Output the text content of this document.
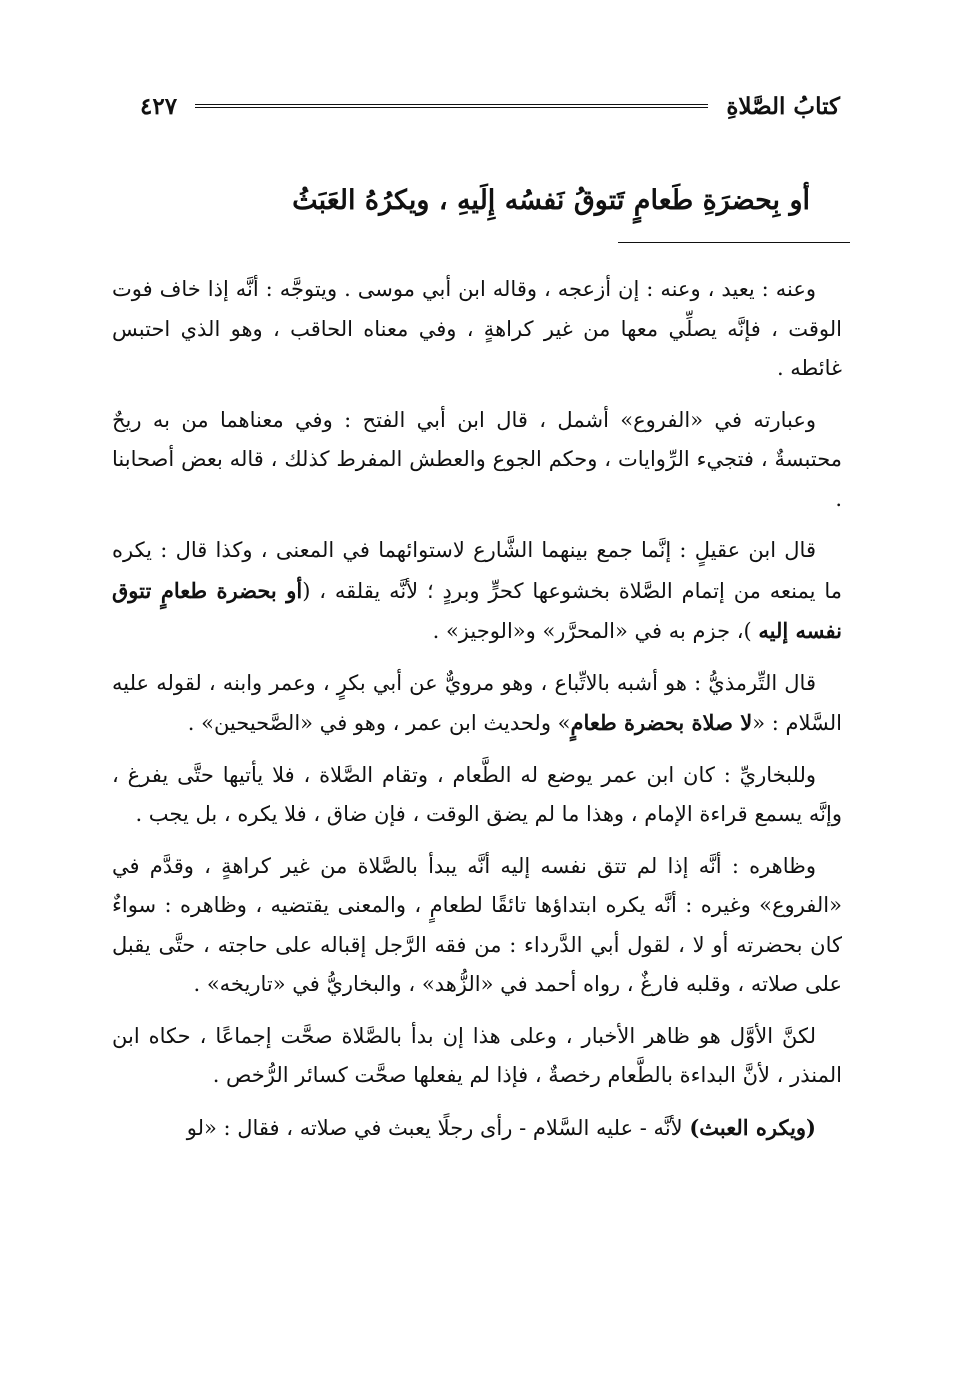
كتابُ الصَّلاةِ
٤٢٧
أو بِحضرَةِ طَعامٍ تَتوقُ نَفسُه إِلَيهِ ، ويكرُهُ العَبَثُ

وعنه : يعيد ، وعنه : إن أزعجه ، وقاله ابن أبي موسى . ويتوجَّه : أنَّه إذا خاف فوت الوقت ، فإنَّه يصلِّي معها من غير كراهةٍ ، وفي معناه الحاقب ، وهو الذي احتبس غائطه .

وعبارته في «الفروع» أشمل ، قال ابن أبي الفتح : وفي معناهما من به ريحٌ محتبسةٌ ، فتجيء الرِّوايات ، وحكم الجوع والعطش المفرط كذلك ، قاله بعض أصحابنا .

قال ابن عقيلٍ : إنَّما جمع بينهما الشَّارع لاستوائهما في المعنى ، وكذا قال : يكره ما يمنعه من إتمام الصَّلاة بخشوعها كحرٍّ وبردٍ ؛ لأنَّه يقلقه ، (أو بحضرة طعامٍ تتوق نفسه إليه )، جزم به في «المحرَّر» و«الوجيز» .

قال التِّرمذيُّ : هو أشبه بالاتِّباع ، وهو مرويٌّ عن أبي بكرٍ ، وعمر وابنه ، لقوله عليه السَّلام : «لا صلاة بحضرة طعامٍ» ولحديث ابن عمر ، وهو في «الصَّحيحين» .

وللبخاريِّ : كان ابن عمر يوضع له الطَّعام ، وتقام الصَّلاة ، فلا يأتيها حتَّى يفرغ ، وإنَّه يسمع قراءة الإمام ، وهذا ما لم يضق الوقت ، فإن ضاق ، فلا يكره ، بل يجب .

وظاهره : أنَّه إذا لم تتق نفسه إليه أنَّه يبدأ بالصَّلاة من غير كراهةٍ ، وقدَّم في «الفروع» وغيره : أنَّه يكره ابتداؤها تائقًا لطعامٍ ، والمعنى يقتضيه ، وظاهره : سواءٌ كان بحضرته أو لا ، لقول أبي الدَّرداء : من فقه الرَّجل إقباله على حاجته ، حتَّى يقبل على صلاته ، وقلبه فارغٌ ، رواه أحمد في «الزُّهد» ، والبخاريُّ في «تاريخه» .

لكنَّ الأوَّل هو ظاهر الأخبار ، وعلى هذا إن بدأ بالصَّلاة صحَّت إجماعًا ، حكاه ابن المنذر ، لأنَّ البداءة بالطَّعام رخصةٌ ، فإذا لم يفعلها صحَّت كسائر الرُّخص .

(ويكره العبث) لأنَّه - عليه السَّلام - رأى رجلًا يعبث في صلاته ، فقال : «لو
